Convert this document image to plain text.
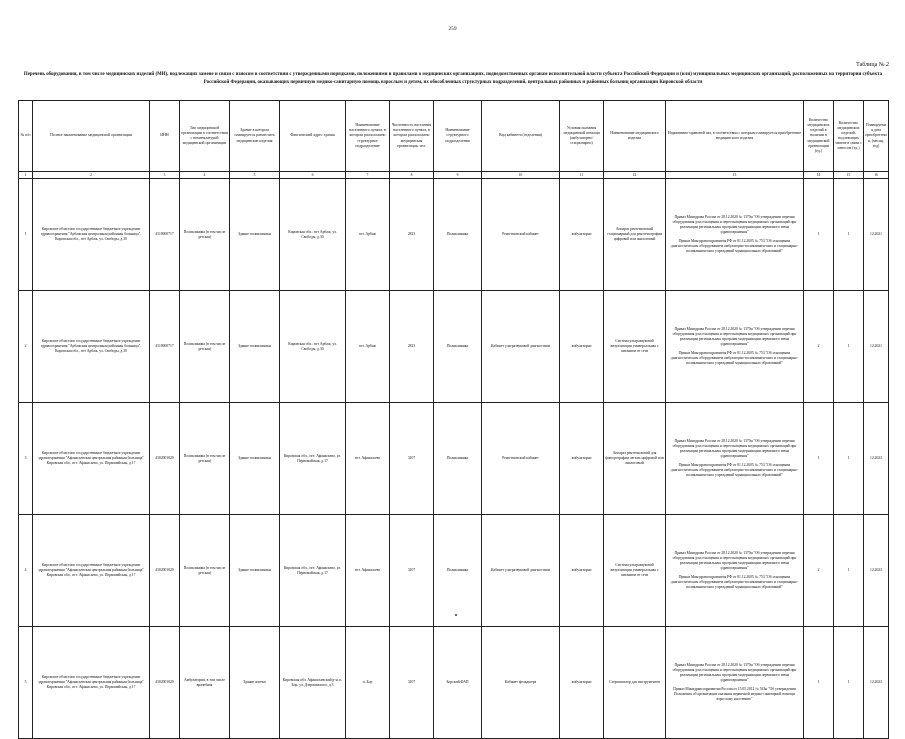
259
Таблица № 2
Перечень оборудования, в том числе медицинских изделий (МИ), подлежащих замене и связи с износом в соответствии с утвержденными порядками, положениями и правилами о медицинских организациях, подведомственных органам исполнительной власти субъекта Российской Федерации и (или) муниципальных медицинских организаций, расположенных на территории субъекта Российской Федерации, оказывающих первичную медико-санитарную помощь взрослым и детям, их обособленных структурных подразделений, центральных районных и районных больниц организации Кировской области
№ п/п	Полное наименование медицинской организации	ИНН	Тип медицинской организации в соответствии с номенклатурой медицинской организации	Здание в котором планируется разместить медицинские изделия	Фактический адрес здания	Наименование населенного пункта, в котором расположено структурное подразделение	Численность населения населенного пункта, в котором расположено медицинская организация, чел.	Наименование структурного подразделения	Вид кабинета (отделения)	Условия оказания медицинской помощи (амбулаторно/ стационарно)	Наименование медицинского изделия	Нормативно-правовой акт, в соответствии с которым планируется приобретение медицинского изделия	Количество медицинских изделий в наличии в медицинской организации (ед.)	Количество медицинских изделий, подлежащих замене в связи с износом (ед.)	Планируемая дата приобретения, (месяц, год)
1	2	3	4	5	6	7	8	9	10	11	12	13	14	15	16
1	Кировское областное государственное бюджетное учреждение здравоохранения "Арбажская центральная районная больница", Кировская обл., пгт Арбаж, ул. Свободы, д.30	4310000717	Поликлиника (в том числе детская)	Здание поликлиники	Кировская обл., пгт Арбаж, ул. Свободы, д.30	пгт. Арбаж	2823	Поликлиника	Рентгеновский кабинет	амбулаторно	Аппарат рентгеновский стационарный для рентгенографии цифровой или аналоговый	Приказ Минздрава России от 28.12.2020 № 1379н "Об утверждении перечня оборудования для оснащения и переоснащения медицинских организаций при реализации региональных программ модернизации первичного звена здравоохранения"
Приказ Минздравсоцразвития РФ от 01.12.2005 № 753 "Об оснащении диагностическим оборудованием амбулаторно-поликлинических и стационарно-поликлинических учреждений муниципальных образований"	1	1	12.2021
2	Кировское областное государственное бюджетное учреждение здравоохранения "Арбажская центральная районная больница", Кировская обл., пгт Арбаж, ул. Свободы, д.30	4310000717	Поликлиника (в том числе детская)	Здание поликлиники	Кировская обл., пгт Арбаж, ул. Свободы, д.30	пгт. Арбаж	2823	Поликлиника	Кабинет ультразвуковой диагностики	амбулаторно	Система ультразвуковой визуализации универсальная с питанием от сети	Приказ Минздрава России от 28.12.2020 № 1379н "Об утверждении перечня оборудования для оснащения и переоснащения медицинских организаций при реализации региональных программ модернизации первичного звена здравоохранения"
Приказ Минздравсоцразвития РФ от 01.12.2005 № 753 "Об оснащении диагностическим оборудованием амбулаторно-поликлинических и стационарно-поликлинических учреждений муниципальных образований"	2	1	12.2021
3	Кировское областное государственное бюджетное учреждение здравоохранения "Афанасьевская центральная районная больница" Кировская обл., пгт. Афанасьево, ул. Первомайская, д.17	4302001020	Поликлиника (в том числе детская)	Здание поликлиники	Кировская обл., пгт. Афанасьево, ул. Первомайская, д.17	пгт. Афанасьево	3107	Поликлиника	Рентгеновский кабинет	амбулаторно	Аппарат рентгеновский для флюорографии легких цифровой или аналоговый	Приказ Минздрава России от 28.12.2020 № 1379н "Об утверждении перечня оборудования для оснащения и переоснащения медицинских организаций при реализации региональных программ модернизации первичного звена здравоохранения"
Приказ Минздравсоцразвития РФ от 01.12.2005 № 753 "Об оснащении диагностическим оборудованием амбулаторно-поликлинических и стационарно-поликлинических учреждений муниципальных образований"	1	1	12.2023
4	Кировское областное государственное бюджетное учреждение здравоохранения "Афанасьевская центральная районная больница" Кировская обл., пгт. Афанасьево, ул. Первомайская, д.17	4302001020	Поликлиника (в том числе детская)	Здание поликлиники	Кировская обл., пгт. Афанасьево, ул. Первомайская, д.17	пгт. Афанасьево	3107	Поликлиника	Кабинет ультразвуковой диагностики	амбулаторно	Система ультразвуковой визуализации универсальная с питанием от сети	Приказ Минздрава России от 28.12.2020 № 1379н "Об утверждении перечня оборудования для оснащения и переоснащения медицинских организаций при реализации региональных программ модернизации первичного звена здравоохранения"
Приказ Минздравсоцразвития РФ от 01.12.2005 № 753 "Об оснащении диагностическим оборудованием амбулаторно-поликлинических и стационарно-поликлинических учреждений муниципальных образований"	2	1	12.2023
5	Кировское областное государственное бюджетное учреждение здравоохранения "Афанасьевская центральная районная больница" Кировская обл., пгт. Афанасьево, ул. Первомайская, д.17	4302001020	Амбулатория, в том числе врачебная	Здание аптеки	Кировская обл. Афанасьевский р-н, п. Бор, ул. Дзержинского, д.3	п. Бор	3107	Борский ФАП	Кабинет фельдшера	амбулаторно	Стерилизатор для инструментов	Приказ Минздрава России от 28.12.2020 № 1379н "Об утверждении перечня оборудования для оснащения и переоснащения медицинских организаций при реализации региональных программ модернизации первичного звена здравоохранения"
Приказ Минздравсоцразвития России от 15.05.2012 № 543н "Об утверждении Положения об организации оказания первичной медико-санитарной помощи взрослому населению"	1	1	12.2023
